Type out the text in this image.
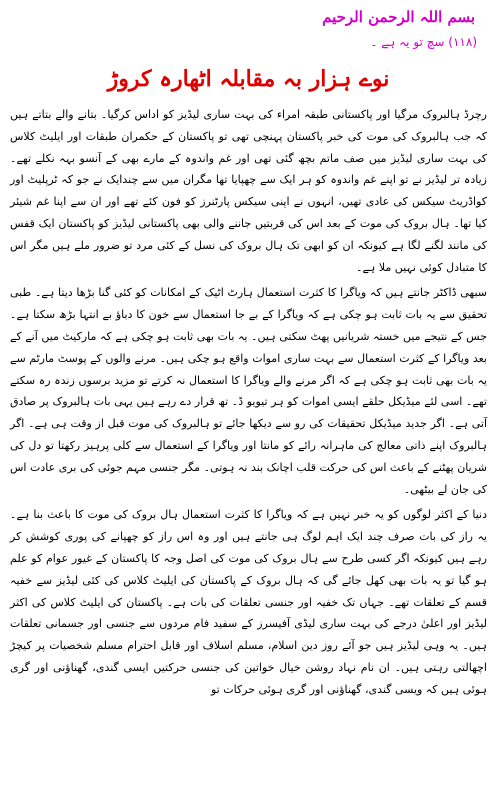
بسم اللہ الرحمن الرحیم
(۱۱۸) سچ تو یہ ہے ۔
نوے ہزار بہ مقابلہ اٹھارہ کروڑ

رچرڈ ہالبروک مرگیا اور پاکستانی طبقہ امراء کی بہت ساری لیڈیز کو اداس کرگیا۔ بتانے والے بتاتے ہیں کہ جب ہالبروک کی موت کی خبر پاکستان پہنچی تھی تو پاکستان کے حکمران طبقات اور ایلیٹ کلاس کی بہت ساری لیڈیز میں صف ماتم بچھ گئی تھی اور غم واندوہ کے مارے بھی کے آنسو بہہ نکلے تھے۔ زیادہ تر لیڈیز نے تو اپنے غم واندوہ کو ہر ایک سے چھپایا تھا مگران میں سے چندایک نے جو کہ ٹرپلیٹ اور کواڈریٹ سیکس کی عادی تھیں، انہوں نے اپنی سیکس پارٹنرز کو فون کئے تھے اور ان سے اپنا غم شیئر کیا تھا۔ ہال بروک کی موت کے بعد اس کی قربتیں جاننے والی بھی پاکستانی لیڈیز کو پاکستان ایک قفس کی مانند لگنے لگا ہے کیونکہ ان کو ابھی تک ہال بروک کی نسل کے کئی مرد تو ضرور ملے ہیں مگر اس کا متبادل کوئی نہیں ملا ہے۔

سبھی ڈاکٹر جانتے ہیں کہ ویاگرا کا کثرت استعمال ہارٹ اٹیک کے امکانات کو کئی گنا بڑھا دیتا ہے۔ طبی تحقیق سے یہ بات ثابت ہو چکی ہے کہ ویاگرا کے بے جا استعمال سے خون کا دباؤ بے انتہا بڑھ سکتا ہے۔ جس کے نتیجے میں خستہ شریانیں پھٹ سکتی ہیں۔ یہ بات بھی ثابت ہو چکی ہے کہ مارکیٹ میں آنے کے بعد ویاگرا کے کثرت استعمال سے بہت ساری اموات واقع ہو چکی ہیں۔ مرنے والوں کے پوسٹ مارٹم سے یہ بات بھی ثابت ہو چکی ہے کہ اگر مرنے والے ویاگرا کا استعمال نہ کرتے تو مزید برسوں زندہ رہ سکتے تھے۔ اسی لئے میڈیکل حلقے ایسی اموات کو ہر تیویو ڈ۔ تھ قرار دے رہے ہیں یہی بات ہالبروک پر صادق آتی ہے۔ اگر جدید میڈیکل تحقیقات کی رو سے دیکھا جائے تو ہالبروک کی موت قبل از وقت ہی ہے۔ اگر ہالبروک اپنے ذاتی معالج کی ماہرانہ رائے کو مانتا اور ویاگرا کے استعمال سے کلی پرہیز رکھتا تو دل کی شریان پھٹنے کے باعث اس کی حرکت قلب اچانک بند نہ ہوتی۔ مگر جنسی مہم جوئی کی بری عادت اس کی جان لے بیٹھی۔

دنیا کے اکثر لوگوں کو یہ خبر نہیں ہے کہ ویاگرا کا کثرت استعمال ہال بروک کی موت کا باعث بنا ہے۔ یہ راز کی بات صرف چند ایک اہم لوگ ہی جانتے ہیں اور وہ اس راز کو چھپانے کی پوری کوشش کر رہے ہیں کیونکہ اگر کسی طرح سے ہال بروک کی موت کی اصل وجہ کا پاکستان کے غیور عوام کو علم ہو گیا تو یہ بات بھی کھل جائے گی کہ ہال بروک کے پاکستان کی ایلیٹ کلاس کی کئی لیڈیز سے خفیہ قسم کے تعلقات تھے۔ جہاں تک خفیہ اور جنسی تعلقات کی بات ہے۔ پاکستان کی ایلیٹ کلاس کی اکثر لیڈیز اور اعلیٰ درجے کی بہت ساری لیڈی آفیسرز کے سفید فام مردوں سے جنسی اور جسمانی تعلقات ہیں۔ یہ وہی لیڈیز ہیں جو آئے روز دین اسلام، مسلم اسلاف اور قابل احترام مسلم شخصیات پر کیچڑ اچھالتی رہتی ہیں۔ ان نام نہاد روشن خیال خواتین کی جنسی حرکتیں ایسی گندی، گھناؤنی اور گری ہوئی ہیں کہ ویسی گندی، گھناؤنی اور گری ہوئی حرکات تو
